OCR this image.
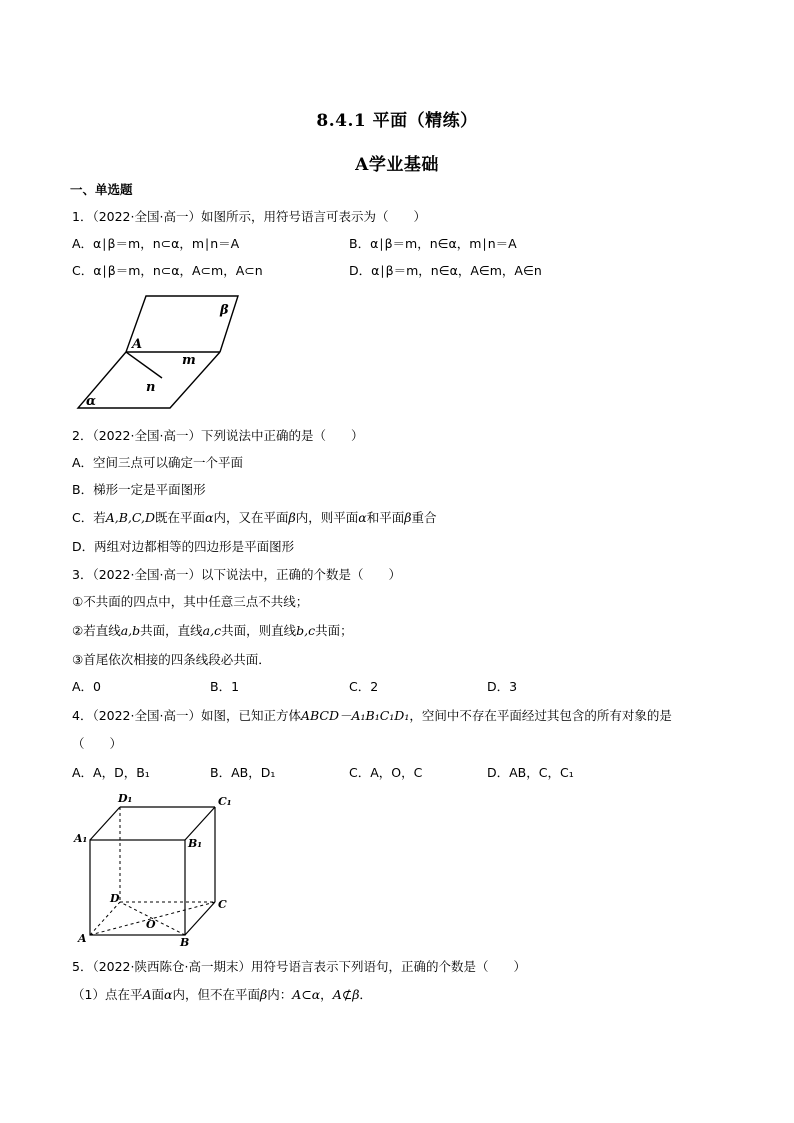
8.4.1 平面（精练）
A学业基础
一、单选题
1．（2022·全国·高一）如图所示，用符号语言可表示为（　　）
A．α∣β＝m，n⊂α，m∣n＝A	B．α∣β＝m，n∈α，m∣n＝A
C．α∣β＝m，n⊂α，A⊂m，A⊂n	D．α∣β＝m，n∈α，A∈m，A∈n
β
A
m
n
α
2．（2022·全国·高一）下列说法中正确的是（　　）
A．空间三点可以确定一个平面
B．梯形一定是平面图形
C．若A,B,C,D既在平面α内，又在平面β内，则平面α和平面β重合
D．两组对边都相等的四边形是平面图形
3．（2022·全国·高一）以下说法中，正确的个数是（　　）
①不共面的四点中，其中任意三点不共线；
②若直线a,b共面，直线a,c共面，则直线b,c共面；
③首尾依次相接的四条线段必共面．
A．0	B．1	C．2	D．3
4．（2022·全国·高一）如图，已知正方体ABCD－A₁B₁C₁D₁，空间中不存在平面经过其包含的所有对象的是
（　　）
A．A，D，B₁	B．AB，D₁	C．A，O，C	D．AB，C，C₁
D₁	C₁
A₁	B₁
D	C
O
A	B
5．（2022·陕西陈仓·高一期末）用符号语言表示下列语句，正确的个数是（　　）
（1）点在平A面α内，但不在平面β内：A⊂α，A⊄β．
